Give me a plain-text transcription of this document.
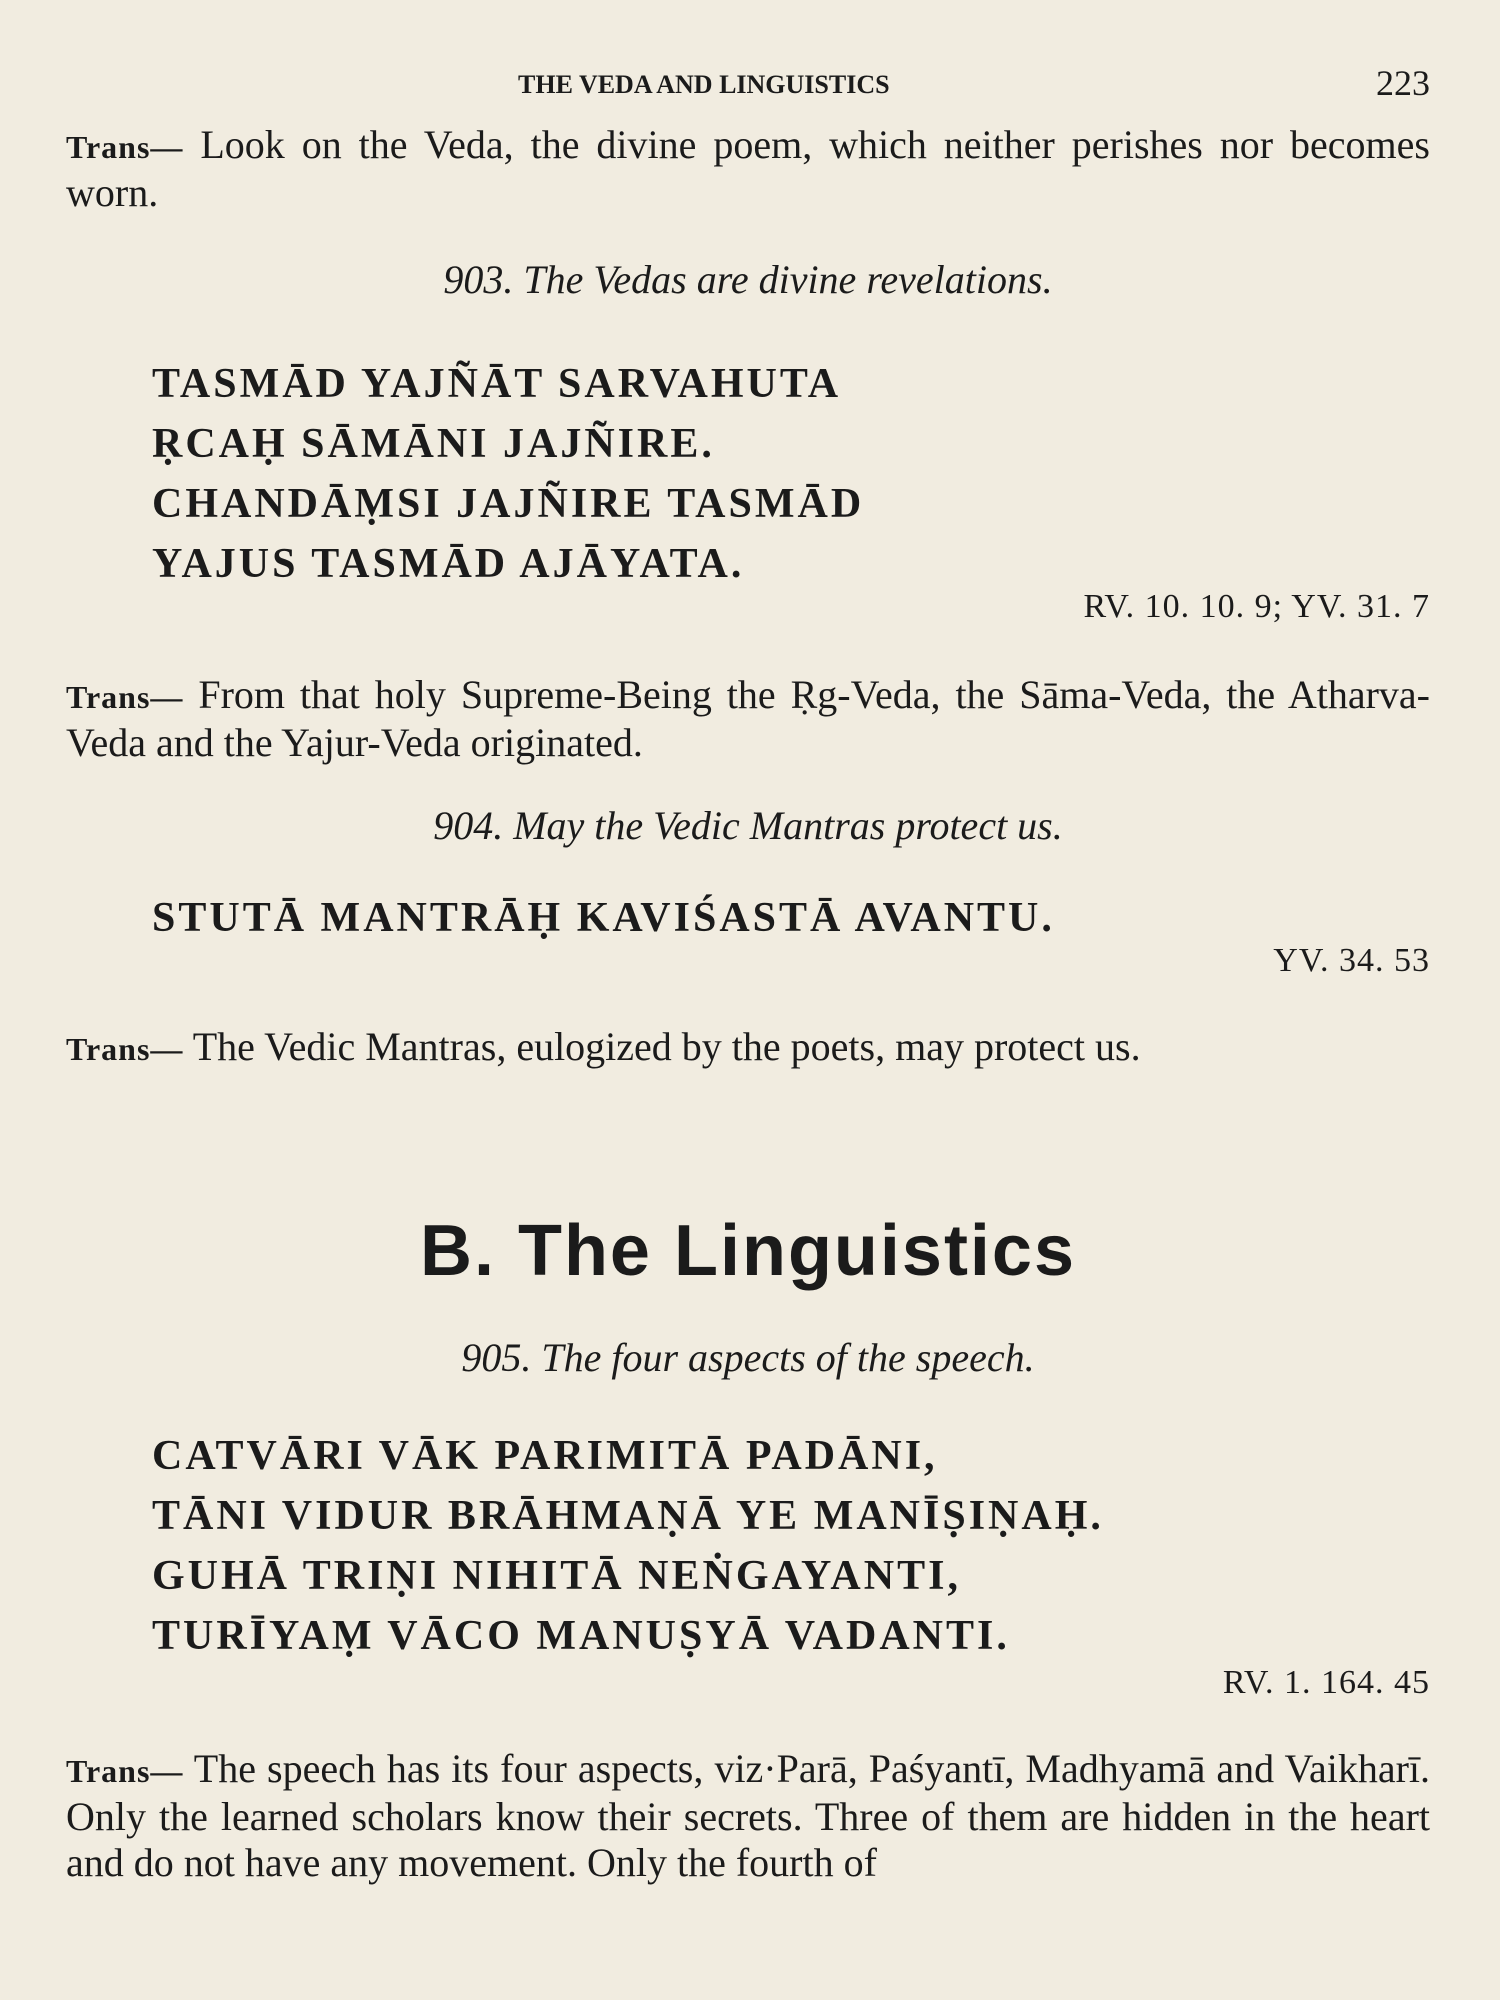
THE VEDA AND LINGUISTICS	223
Trans— Look on the Veda, the divine poem, which neither perishes nor becomes worn.
903. The Vedas are divine revelations.
TASMĀD YAJÑĀT SARVAHUTA
ṚCAḤ SĀMĀNI JAJÑIRE.
CHANDĀṂSI JAJÑIRE TASMĀD
YAJUS TASMĀD AJĀYATA.
RV. 10. 10. 9; YV. 31. 7
Trans— From that holy Supreme-Being the Ṛg-Veda, the Sāma-Veda, the Atharva-Veda and the Yajur-Veda originated.
904. May the Vedic Mantras protect us.
STUTĀ MANTRĀḤ KAVIŚASTĀ AVANTU.
YV. 34. 53
Trans— The Vedic Mantras, eulogized by the poets, may protect us.
B. The Linguistics
905. The four aspects of the speech.
CATVĀRI VĀK PARIMITĀ PADĀNI,
TĀNI VIDUR BRĀHMAṆĀ YE MANĪṢIṆAḤ.
GUHĀ TRIṆI NIHITĀ NEṄGAYANTI,
TURĪYAṂ VĀCO MANUṢYĀ VADANTI.
RV. 1. 164. 45
Trans— The speech has its four aspects, viz·Parā, Paśyantī, Madhyamā and Vaikharī. Only the learned scholars know their secrets. Three of them are hidden in the heart and do not have any movement. Only the fourth of
